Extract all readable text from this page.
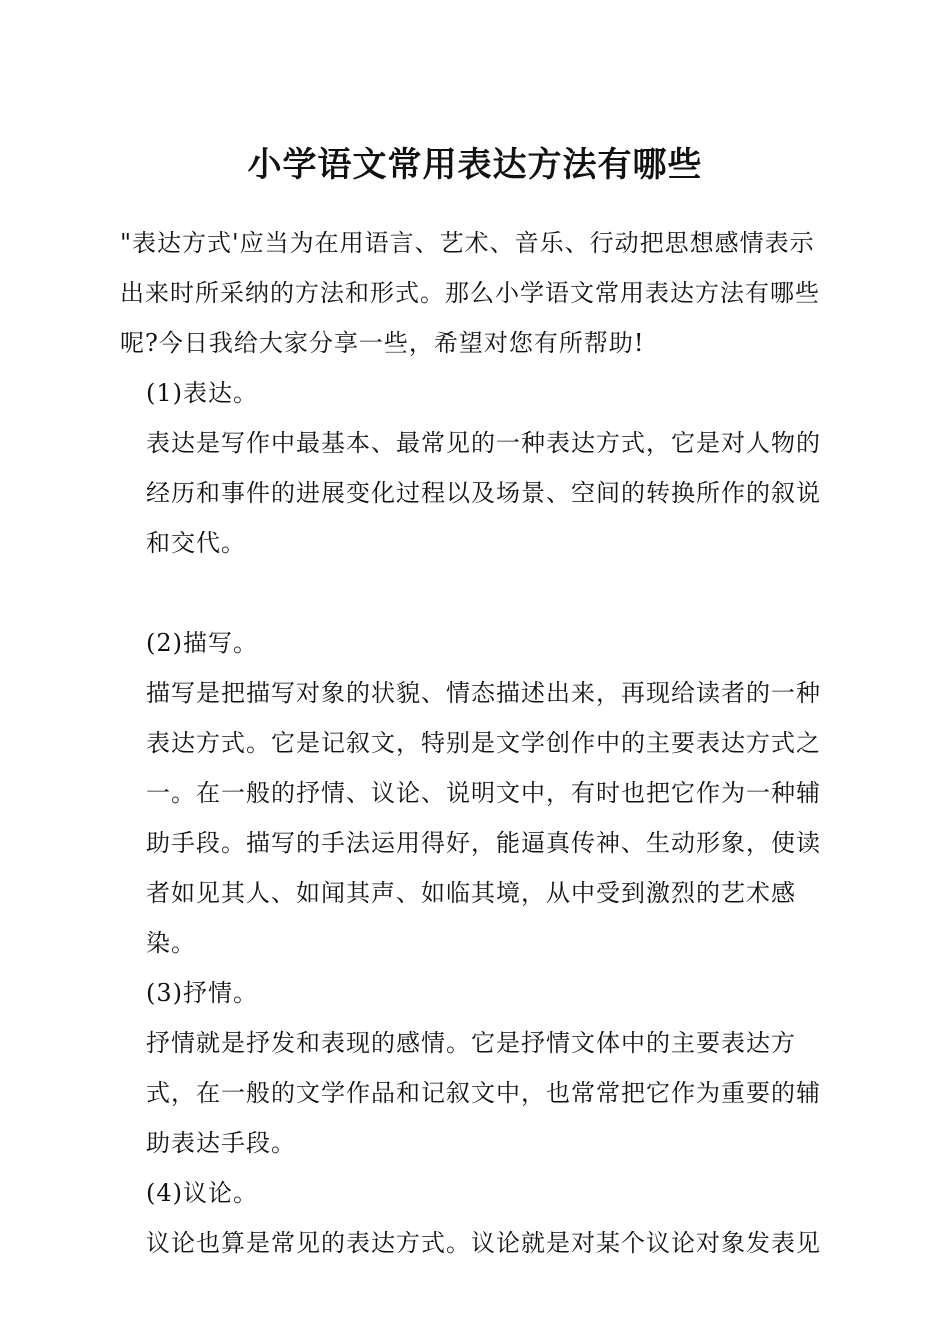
小学语文常用表达方法有哪些

"表达方式'应当为在用语言、艺术、音乐、行动把思想感情表示出来时所采纳的方法和形式。那么小学语文常用表达方法有哪些呢?今日我给大家分享一些，希望对您有所帮助!

(1)表达。

表达是写作中最基本、最常见的一种表达方式，它是对人物的经历和事件的进展变化过程以及场景、空间的转换所作的叙说和交代。

(2)描写。

描写是把描写对象的状貌、情态描述出来，再现给读者的一种表达方式。它是记叙文，特别是文学创作中的主要表达方式之一。在一般的抒情、议论、说明文中，有时也把它作为一种辅助手段。描写的手法运用得好，能逼真传神、生动形象，使读者如见其人、如闻其声、如临其境，从中受到激烈的艺术感染。

(3)抒情。

抒情就是抒发和表现的感情。它是抒情文体中的主要表达方式，在一般的文学作品和记叙文中，也常常把它作为重要的辅助表达手段。

(4)议论。

议论也算是常见的表达方式。议论就是对某个议论对象发表见
